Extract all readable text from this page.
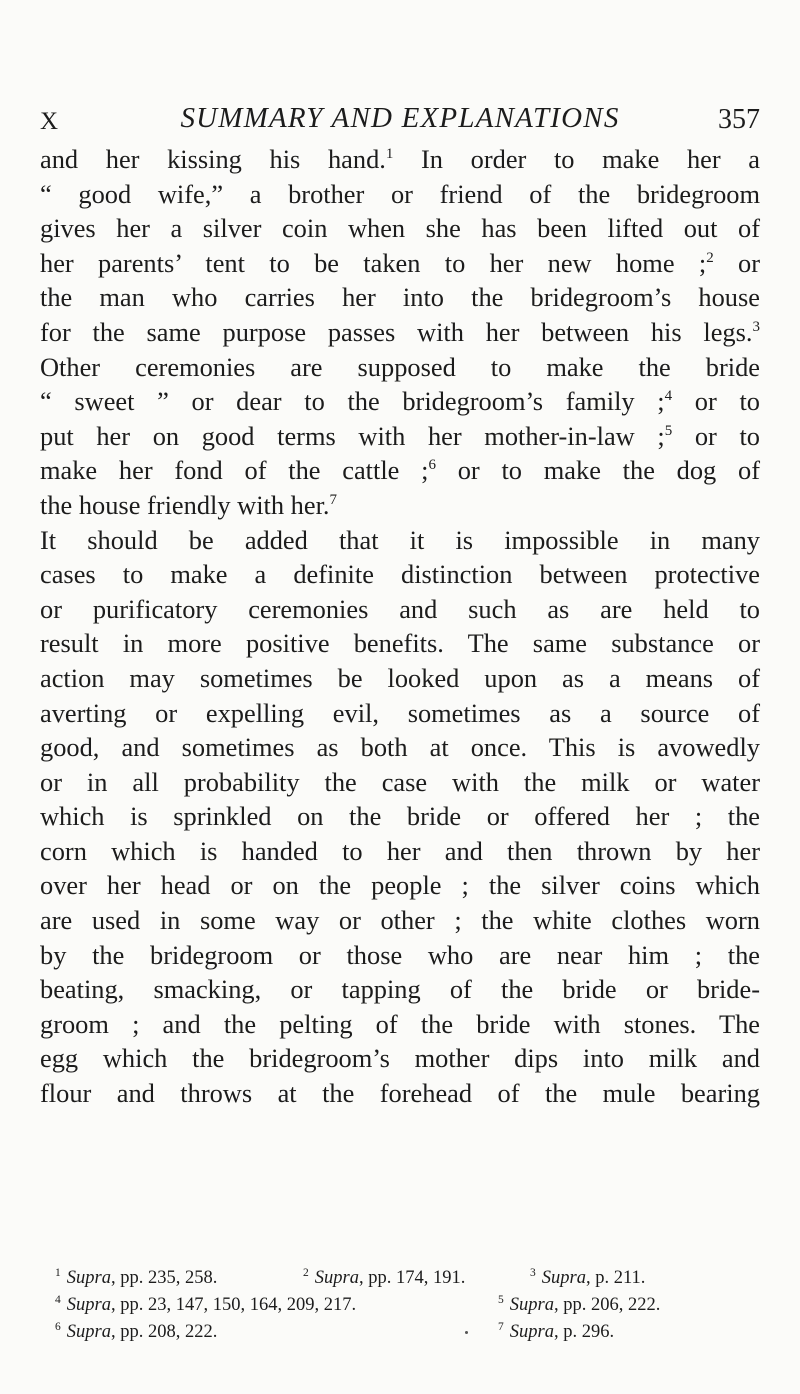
X	SUMMARY AND EXPLANATIONS	357
and her kissing his hand.$^1$ In order to make her a
“ good wife,” a brother or friend of the bridegroom
gives her a silver coin when she has been lifted out of
her parents’ tent to be taken to her new home ;$^2$ or
the man who carries her into the bridegroom’s house
for the same purpose passes with her between his legs.$^3$
Other ceremonies are supposed to make the bride
“ sweet ” or dear to the bridegroom’s family ;$^4$ or to
put her on good terms with her mother-in-law ;$^5$ or to
make her fond of the cattle ;$^6$ or to make the dog of
the house friendly with her.$^7$
It should be added that it is impossible in many
cases to make a definite distinction between protective
or purificatory ceremonies and such as are held to
result in more positive benefits. The same substance or
action may sometimes be looked upon as a means of
averting or expelling evil, sometimes as a source of
good, and sometimes as both at once. This is avowedly
or in all probability the case with the milk or water
which is sprinkled on the bride or offered her ; the
corn which is handed to her and then thrown by her
over her head or on the people ; the silver coins which
are used in some way or other ; the white clothes worn
by the bridegroom or those who are near him ; the
beating, smacking, or tapping of the bride or bride-
groom ; and the pelting of the bride with stones. The
egg which the bridegroom’s mother dips into milk and
flour and throws at the forehead of the mule bearing
$^1$ Supra, pp. 235, 258.	$^2$ Supra, pp. 174, 191.	$^3$ Supra, p. 211.
$^4$ Supra, pp. 23, 147, 150, 164, 209, 217.	$^5$ Supra, pp. 206, 222.
$^6$ Supra, pp. 208, 222.	$^7$ Supra, p. 296.
